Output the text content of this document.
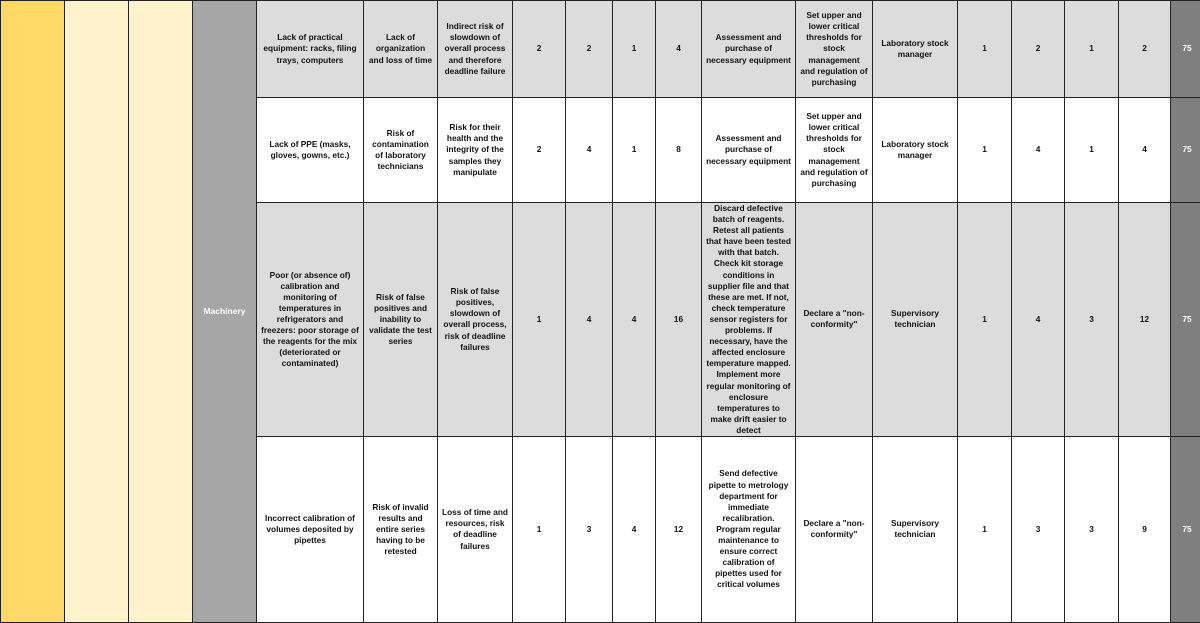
			Machinery	Lack of practical equipment: racks, filing trays, computers	Lack of organization and loss of time	Indirect risk of slowdown of overall process and therefore deadline failure	2	2	1	4	Assessment and purchase of necessary equipment	Set upper and lower critical thresholds for stock management and regulation of purchasing	Laboratory stock manager	1	2	1	2	75
				Lack of PPE (masks, gloves, gowns, etc.)	Risk of contamination of laboratory technicians	Risk for their health and the integrity of the samples they manipulate	2	4	1	8	Assessment and purchase of necessary equipment	Set upper and lower critical thresholds for stock management and regulation of purchasing	Laboratory stock manager	1	4	1	4	75
				Poor (or absence of) calibration and monitoring of temperatures in refrigerators and freezers: poor storage of the reagents for the mix (deteriorated or contaminated)	Risk of false positives and inability to validate the test series	Risk of false positives, slowdown of overall process, risk of deadline failures	1	4	4	16	Discard defective batch of reagents. Retest all patients that have been tested with that batch. Check kit storage conditions in supplier file and that these are met. If not, check temperature sensor registers for problems. If necessary, have the affected enclosure temperature mapped. Implement more regular monitoring of enclosure temperatures to make drift easier to detect	Declare a "non-conformity"	Supervisory technician	1	4	3	12	75
				Incorrect calibration of volumes deposited by pipettes	Risk of invalid results and entire series having to be retested	Loss of time and resources, risk of deadline failures	1	3	4	12	Send defective pipette to metrology department for immediate recalibration. Program regular maintenance to ensure correct calibration of pipettes used for critical volumes	Declare a "non-conformity"	Supervisory technician	1	3	3	9	75
